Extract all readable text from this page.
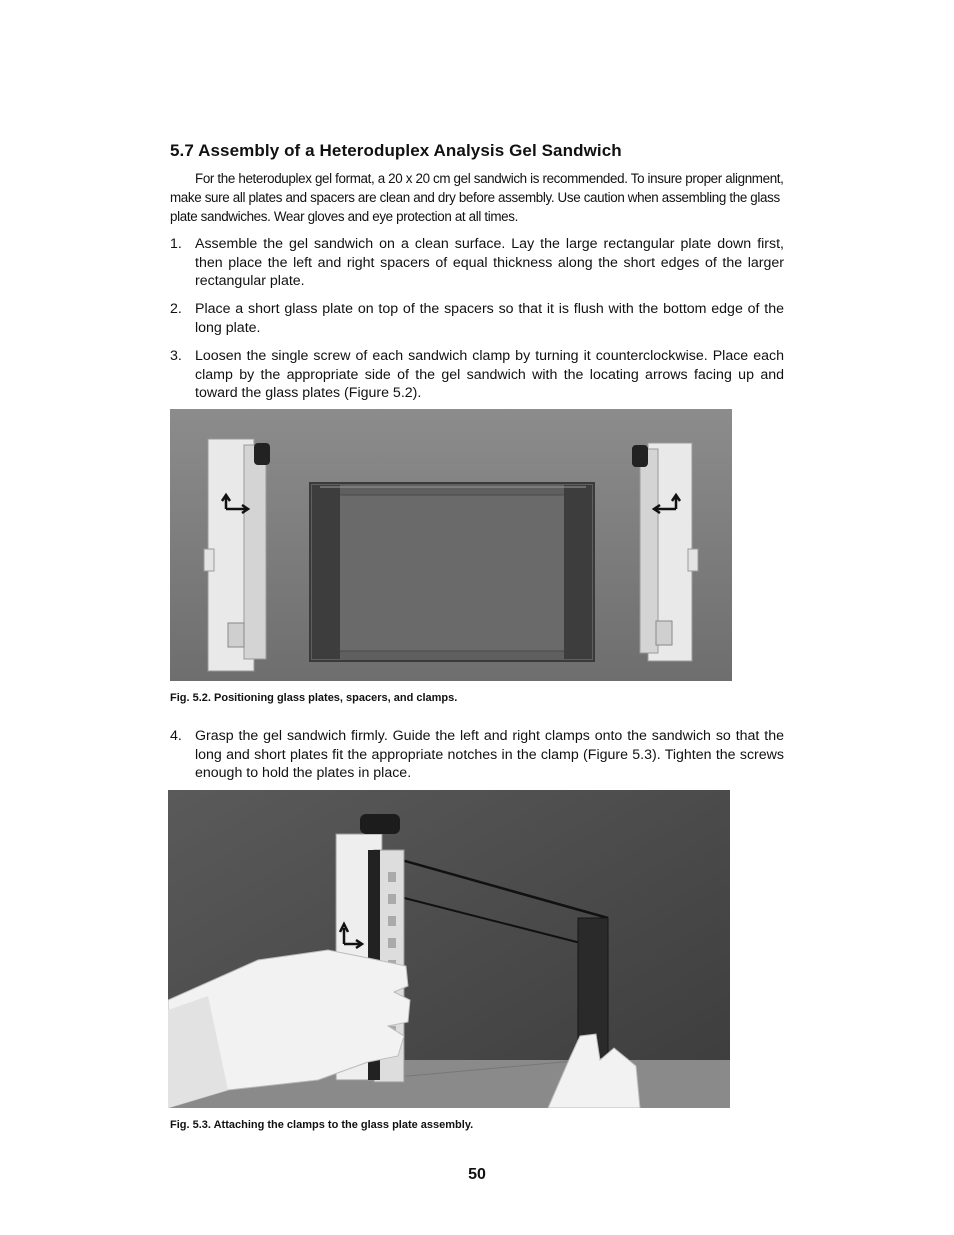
5.7 Assembly of a Heteroduplex Analysis Gel Sandwich

For the heteroduplex gel format, a 20 x 20 cm gel sandwich is recommended. To insure proper alignment, make sure all plates and spacers are clean and dry before assembly. Use caution when assembling the glass plate sandwiches. Wear gloves and eye protection at all times.

1. Assemble the gel sandwich on a clean surface. Lay the large rectangular plate down first, then place the left and right spacers of equal thickness along the short edges of the larger rectangular plate.
2. Place a short glass plate on top of the spacers so that it is flush with the bottom edge of the long plate.
3. Loosen the single screw of each sandwich clamp by turning it counterclockwise. Place each clamp by the appropriate side of the gel sandwich with the locating arrows facing up and toward the glass plates (Figure 5.2).
Fig. 5.2. Positioning glass plates, spacers, and clamps.
4. Grasp the gel sandwich firmly. Guide the left and right clamps onto the sandwich so that the long and short plates fit the appropriate notches in the clamp (Figure 5.3). Tighten the screws enough to hold the plates in place.
Fig. 5.3. Attaching the clamps to the glass plate assembly.
50
